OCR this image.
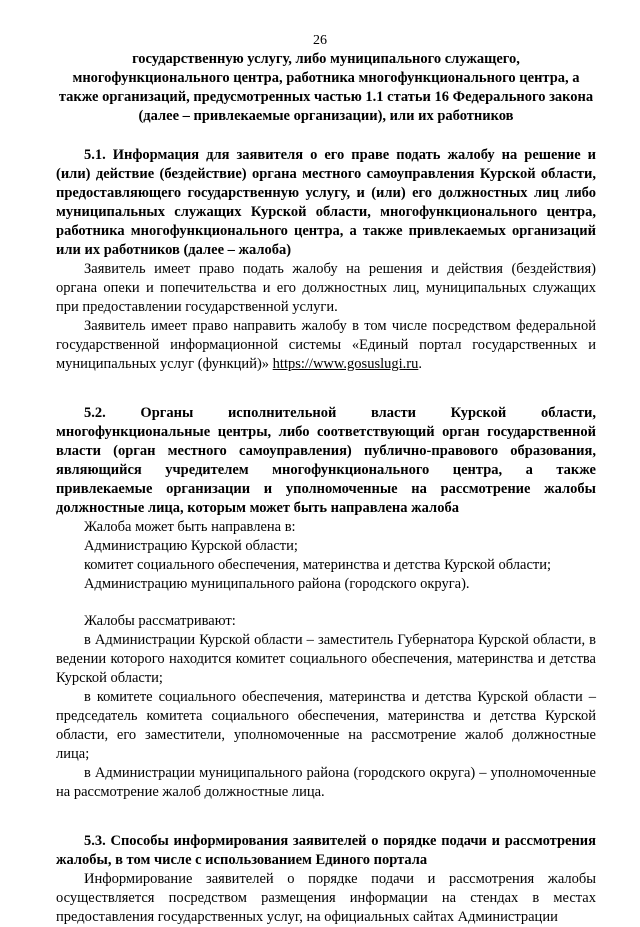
26

государственную услугу, либо муниципального служащего, многофункционального центра, работника многофункционального центра, а также организаций, предусмотренных частью 1.1 статьи 16 Федерального закона (далее – привлекаемые организации), или их работников

5.1. Информация для заявителя о его праве подать жалобу на решение и (или) действие (бездействие) органа местного самоуправления Курской области, предоставляющего государственную услугу, и (или) его должностных лиц либо муниципальных служащих Курской области, многофункционального центра, работника многофункционального центра, а также привлекаемых организаций или их работников (далее – жалоба)

Заявитель имеет право подать жалобу на решения и действия (бездействия) органа опеки и попечительства и его должностных лиц, муниципальных служащих при предоставлении государственной услуги.

Заявитель имеет право направить жалобу в том числе посредством федеральной государственной информационной системы «Единый портал государственных и муниципальных услуг (функций)» https://www.gosuslugi.ru.

5.2. Органы исполнительной власти Курской области, многофункциональные центры, либо соответствующий орган государственной власти (орган местного самоуправления) публично-правового образования, являющийся учредителем многофункционального центра, а также привлекаемые организации и уполномоченные на рассмотрение жалобы должностные лица, которым может быть направлена жалоба

Жалоба может быть направлена в:

Администрацию Курской области;

комитет социального обеспечения, материнства и детства Курской области;

Администрацию муниципального района (городского округа).

Жалобы рассматривают:

в Администрации Курской области – заместитель Губернатора Курской области, в ведении которого находится комитет социального обеспечения, материнства и детства Курской области;

в комитете социального обеспечения, материнства и детства Курской области – председатель комитета социального обеспечения, материнства и детства Курской области, его заместители, уполномоченные на рассмотрение жалоб должностные лица;

в Администрации муниципального района (городского округа) – уполномоченные на рассмотрение жалоб должностные лица.

5.3. Способы информирования заявителей о порядке подачи и рассмотрения жалобы, в том числе с использованием Единого портала

Информирование заявителей о порядке подачи и рассмотрения жалобы осуществляется посредством размещения информации на стендах в местах предоставления государственных услуг, на официальных сайтах Администрации
